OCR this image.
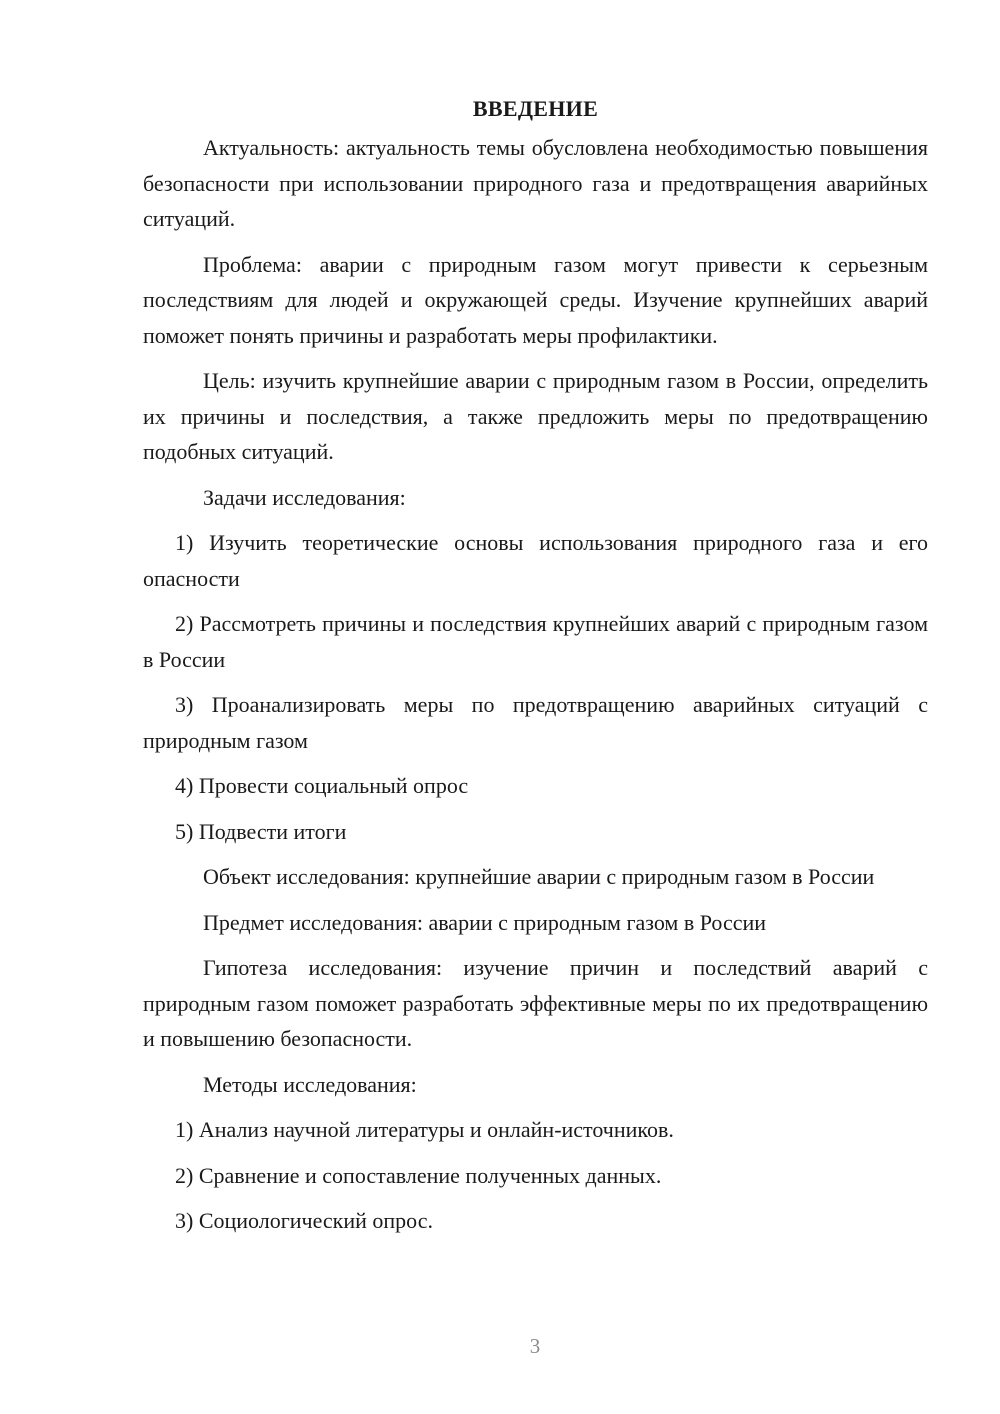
ВВЕДЕНИЕ

Актуальность: актуальность темы обусловлена необходимостью повышения безопасности при использовании природного газа и предотвращения аварийных ситуаций.

Проблема: аварии с природным газом могут привести к серьезным последствиям для людей и окружающей среды. Изучение крупнейших аварий поможет понять причины и разработать меры профилактики.

Цель: изучить крупнейшие аварии с природным газом в России, определить их причины и последствия, а также предложить меры по предотвращению подобных ситуаций.

Задачи исследования:

1) Изучить теоретические основы использования природного газа и его опасности

2) Рассмотреть причины и последствия крупнейших аварий с природным газом в России

3) Проанализировать меры по предотвращению аварийных ситуаций с природным газом

4) Провести социальный опрос

5) Подвести итоги

Объект исследования: крупнейшие аварии с природным газом в России

Предмет исследования: аварии с природным газом в России

Гипотеза исследования: изучение причин и последствий аварий с природным газом поможет разработать эффективные меры по их предотвращению и повышению безопасности.

Методы исследования:

1) Анализ научной литературы и онлайн-источников.

2) Сравнение и сопоставление полученных данных.

3) Социологический опрос.

3
